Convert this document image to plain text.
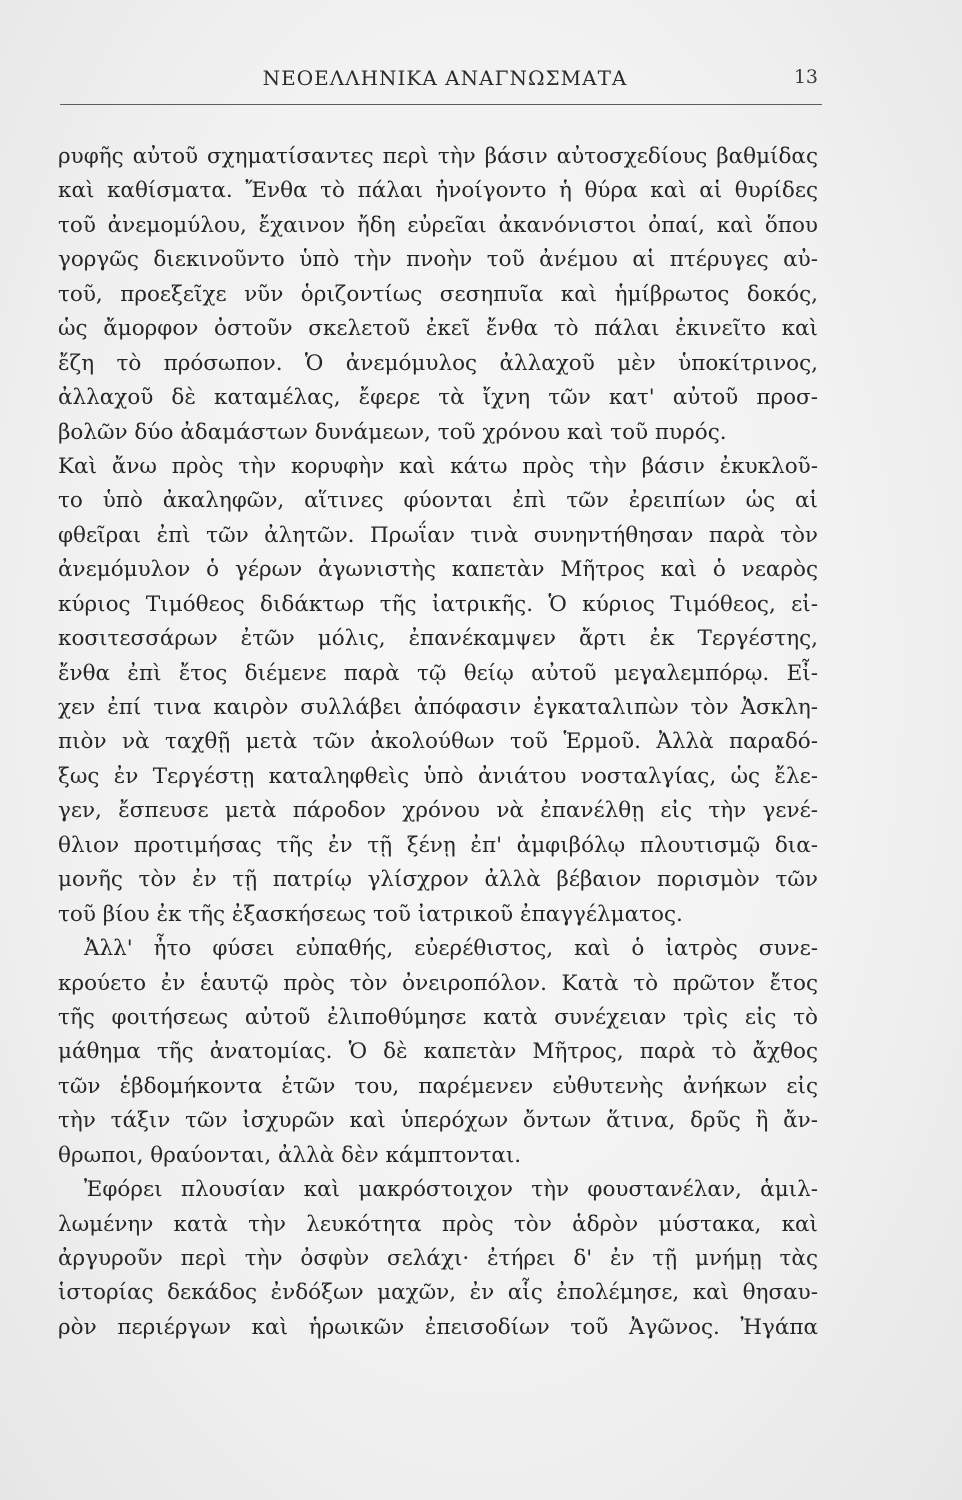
ΝΕΟΕΛΛΗΝΙΚΑ ΑΝΑΓΝΩΣΜΑΤΑ	13
ρυφῆς αὐτοῦ σχηματίσαντες περὶ τὴν βάσιν αὐτοσχεδίους βαθμίδας
καὶ καθίσματα. Ἔνθα τὸ πάλαι ἠνοίγοντο ἡ θύρα καὶ αἱ θυρίδες
τοῦ ἀνεμομύλου, ἔχαινον ἤδη εὐρεῖαι ἀκανόνιστοι ὀπαί, καὶ ὅπου
γοργῶς διεκινοῦντο ὑπὸ τὴν πνοὴν τοῦ ἀνέμου αἱ πτέρυγες αὐ-
τοῦ, προεξεῖχε νῦν ὁριζοντίως σεσηπυῖα καὶ ἡμίβρωτος δοκός,
ὡς ἄμορφον ὀστοῦν σκελετοῦ ἐκεῖ ἔνθα τὸ πάλαι ἐκινεῖτο καὶ
ἔζη τὸ πρόσωπον. Ὁ ἀνεμόμυλος ἀλλαχοῦ μὲν ὑποκίτρινος,
ἀλλαχοῦ δὲ καταμέλας, ἔφερε τὰ ἴχνη τῶν κατ' αὐτοῦ προσ-
βολῶν δύο ἀδαμάστων δυνάμεων, τοῦ χρόνου καὶ τοῦ πυρός.
Καὶ ἄνω πρὸς τὴν κορυφὴν καὶ κάτω πρὸς τὴν βάσιν ἐκυκλοῦ-
το ὑπὸ ἀκαληφῶν, αἵτινες φύονται ἐπὶ τῶν ἐρειπίων ὡς αἱ
φθεῖραι ἐπὶ τῶν ἀλητῶν. Πρωΐαν τινὰ συνηντήθησαν παρὰ τὸν
ἀνεμόμυλον ὁ γέρων ἀγωνιστὴς καπετὰν Μῆτρος καὶ ὁ νεαρὸς
κύριος Τιμόθεος διδάκτωρ τῆς ἰατρικῆς. Ὁ κύριος Τιμόθεος, εἰ-
κοσιτεσσάρων ἐτῶν μόλις, ἐπανέκαμψεν ἄρτι ἐκ Τεργέστης,
ἔνθα ἐπὶ ἔτος διέμενε παρὰ τῷ θείῳ αὐτοῦ μεγαλεμπόρῳ. Εἶ-
χεν ἐπί τινα καιρὸν συλλάβει ἀπόφασιν ἐγκαταλιπὼν τὸν Ἀσκλη-
πιὸν νὰ ταχθῇ μετὰ τῶν ἀκολούθων τοῦ Ἑρμοῦ. Ἀλλὰ παραδό-
ξως ἐν Τεργέστῃ καταληφθεὶς ὑπὸ ἀνιάτου νοσταλγίας, ὡς ἔλε-
γεν, ἔσπευσε μετὰ πάροδον χρόνου νὰ ἐπανέλθῃ εἰς τὴν γενέ-
θλιον προτιμήσας τῆς ἐν τῇ ξένῃ ἐπ' ἀμφιβόλῳ πλουτισμῷ δια-
μονῆς τὸν ἐν τῇ πατρίῳ γλίσχρον ἀλλὰ βέβαιον πορισμὸν τῶν
τοῦ βίου ἐκ τῆς ἐξασκήσεως τοῦ ἰατρικοῦ ἐπαγγέλματος.
Ἀλλ' ἦτο φύσει εὐπαθής, εὐερέθιστος, καὶ ὁ ἰατρὸς συνε-
κρούετο ἐν ἑαυτῷ πρὸς τὸν ὀνειροπόλον. Κατὰ τὸ πρῶτον ἔτος
τῆς φοιτήσεως αὐτοῦ ἐλιποθύμησε κατὰ συνέχειαν τρὶς εἰς τὸ
μάθημα τῆς ἀνατομίας. Ὁ δὲ καπετὰν Μῆτρος, παρὰ τὸ ἄχθος
τῶν ἑβδομήκοντα ἐτῶν του, παρέμενεν εὐθυτενὴς ἀνήκων εἰς
τὴν τάξιν τῶν ἰσχυρῶν καὶ ὑπερόχων ὄντων ἅτινα, δρῦς ἢ ἄν-
θρωποι, θραύονται, ἀλλὰ δὲν κάμπτονται.
Ἐφόρει πλουσίαν καὶ μακρόστοιχον τὴν φουστανέλαν, ἁμιλ-
λωμένην κατὰ τὴν λευκότητα πρὸς τὸν ἁδρὸν μύστακα, καὶ
ἀργυροῦν περὶ τὴν ὀσφὺν σελάχι· ἐτήρει δ' ἐν τῇ μνήμῃ τὰς
ἱστορίας δεκάδος ἐνδόξων μαχῶν, ἐν αἷς ἐπολέμησε, καὶ θησαυ-
ρὸν περιέργων καὶ ἡρωικῶν ἐπεισοδίων τοῦ Ἀγῶνος. Ἠγάπα
